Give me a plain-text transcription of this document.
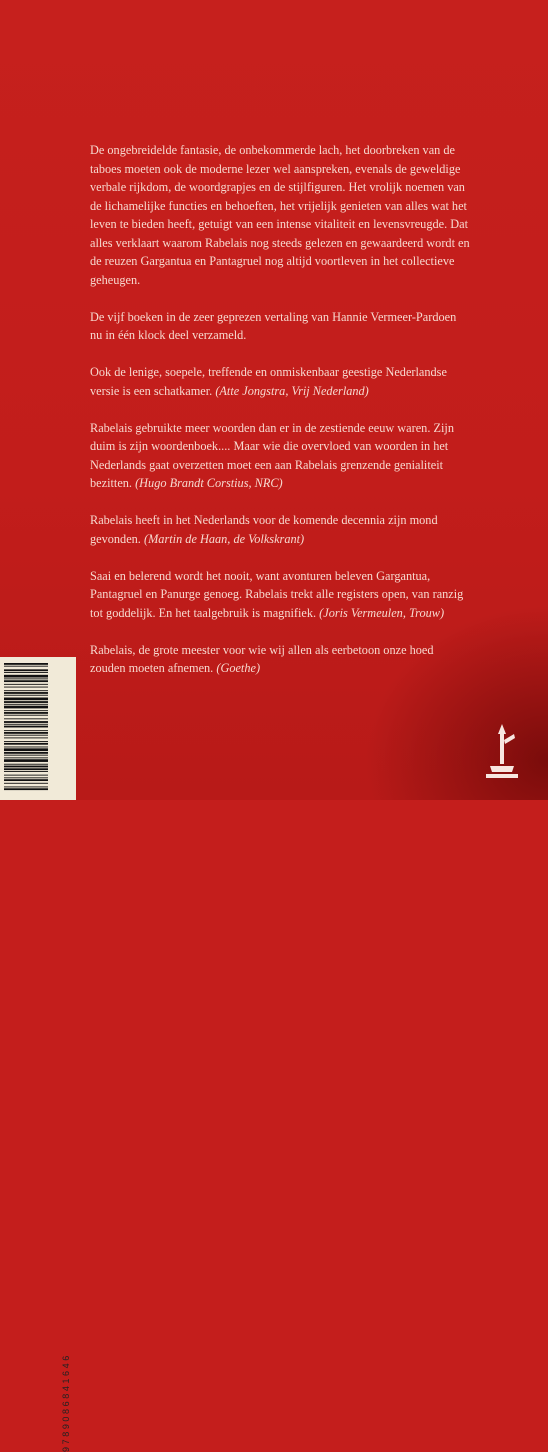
De ongebreidelde fantasie, de onbekommerde lach, het doorbreken van de taboes moeten ook de moderne lezer wel aanspreken, evenals de geweldige verbale rijkdom, de woordgrapjes en de stijlfiguren. Het vrolijk noemen van de lichamelijke functies en behoeften, het vrijelijk genieten van alles wat het leven te bieden heeft, getuigt van een intense vitaliteit en levensvreugde. Dat alles verklaart waarom Rabelais nog steeds gelezen en gewaardeerd wordt en de reuzen Gargantua en Pantagruel nog altijd voortleven in het collectieve geheugen.

De vijf boeken in de zeer geprezen vertaling van Hannie Vermeer-Pardoen nu in één klock deel verzameld.

Ook de lenige, soepele, treffende en onmiskenbaar geestige Nederlandse versie is een schatkamer. (Atte Jongstra, Vrij Nederland)

Rabelais gebruikte meer woorden dan er in de zestiende eeuw waren. Zijn duim is zijn woordenboek.... Maar wie die overvloed van woorden in het Nederlands gaat overzetten moet een aan Rabelais grenzende genialiteit bezitten. (Hugo Brandt Corstius, NRC)

Rabelais heeft in het Nederlands voor de komende decennia zijn mond gevonden. (Martin de Haan, de Volkskrant)

Saai en belerend wordt het nooit, want avonturen beleven Gargantua, Pantagruel en Panurge genoeg. Rabelais trekt alle registers open, van ranzig tot goddelijk. En het taalgebruik is magnifiek. (Joris Vermeulen, Trouw)

Rabelais, de grote meester voor wie wij allen als eerbetoon onze hoed zouden moeten afnemen. (Goethe)

9789086841646
